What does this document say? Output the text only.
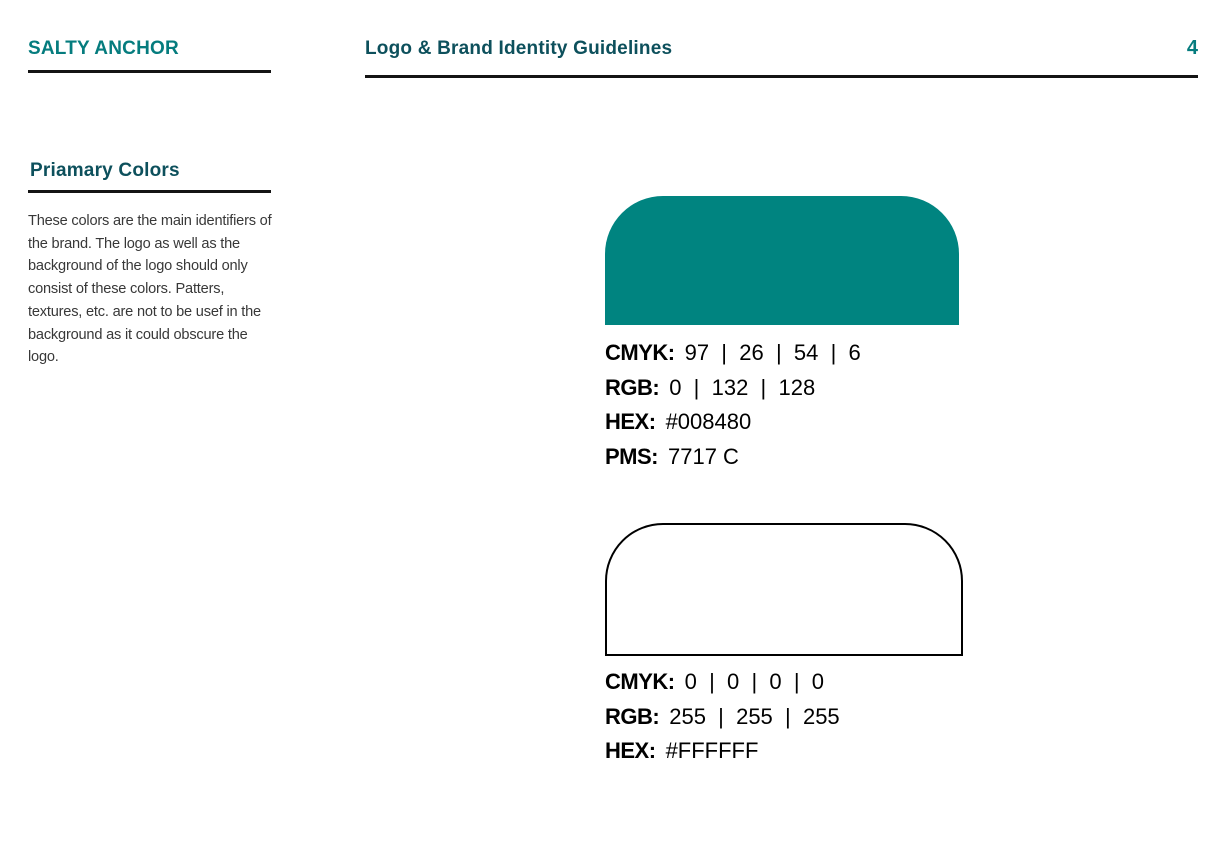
SALTY ANCHOR	Logo & Brand Identity Guidelines	4
Priamary Colors

These colors are the main identifiers of the brand. The logo as well as the background of the logo should only consist of these colors. Patters, textures, etc. are not to be usef in the background as it could obscure the logo.	CMYK: 97  |  26  |  54  |  6
RGB: 0  |  132  |  128
HEX: #008480
PMS: 7717 C
CMYK: 0  |  0  |  0  |  0
RGB: 255  |  255  |  255
HEX: #FFFFFF
